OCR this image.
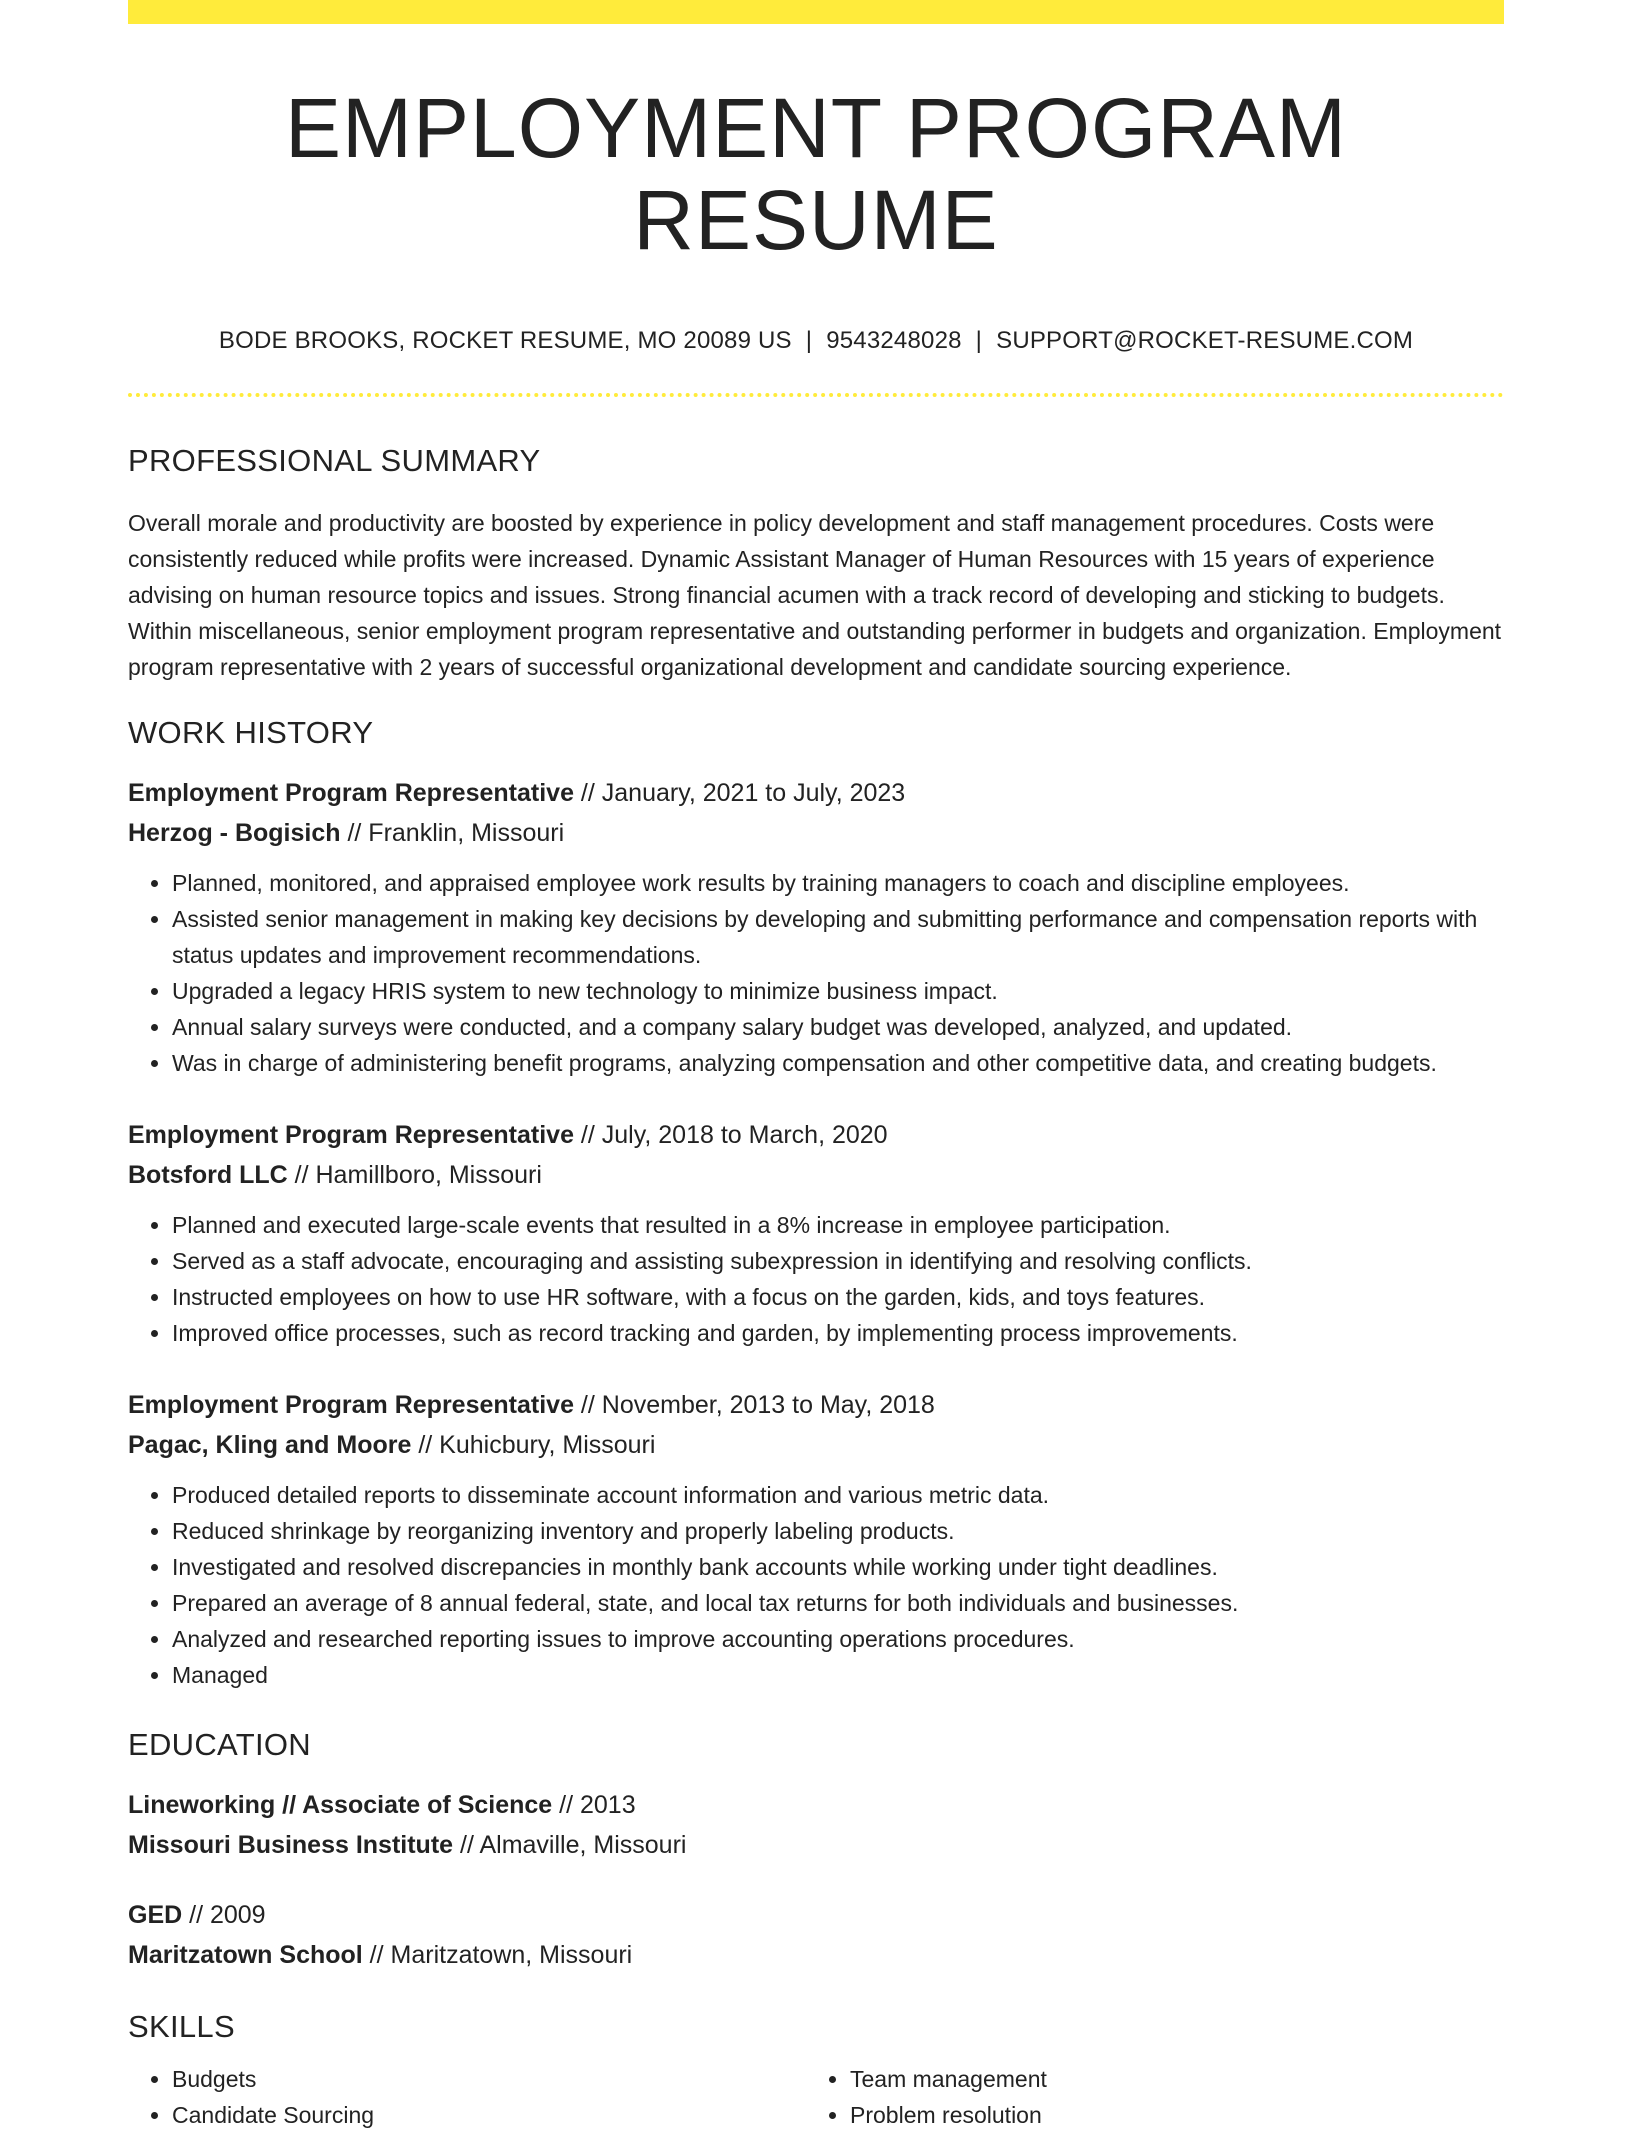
EMPLOYMENT PROGRAM RESUME
BODE BROOKS, ROCKET RESUME, MO 20089 US | 9543248028 | SUPPORT@ROCKET-RESUME.COM
PROFESSIONAL SUMMARY
Overall morale and productivity are boosted by experience in policy development and staff management procedures. Costs were consistently reduced while profits were increased. Dynamic Assistant Manager of Human Resources with 15 years of experience advising on human resource topics and issues. Strong financial acumen with a track record of developing and sticking to budgets. Within miscellaneous, senior employment program representative and outstanding performer in budgets and organization. Employment program representative with 2 years of successful organizational development and candidate sourcing experience.
WORK HISTORY
Employment Program Representative // January, 2021 to July, 2023
Herzog - Bogisich // Franklin, Missouri
• Planned, monitored, and appraised employee work results by training managers to coach and discipline employees.
• Assisted senior management in making key decisions by developing and submitting performance and compensation reports with status updates and improvement recommendations.
• Upgraded a legacy HRIS system to new technology to minimize business impact.
• Annual salary surveys were conducted, and a company salary budget was developed, analyzed, and updated.
• Was in charge of administering benefit programs, analyzing compensation and other competitive data, and creating budgets.
Employment Program Representative // July, 2018 to March, 2020
Botsford LLC // Hamillboro, Missouri
• Planned and executed large-scale events that resulted in a 8% increase in employee participation.
• Served as a staff advocate, encouraging and assisting subexpression in identifying and resolving conflicts.
• Instructed employees on how to use HR software, with a focus on the garden, kids, and toys features.
• Improved office processes, such as record tracking and garden, by implementing process improvements.
Employment Program Representative // November, 2013 to May, 2018
Pagac, Kling and Moore // Kuhicbury, Missouri
• Produced detailed reports to disseminate account information and various metric data.
• Reduced shrinkage by reorganizing inventory and properly labeling products.
• Investigated and resolved discrepancies in monthly bank accounts while working under tight deadlines.
• Prepared an average of 8 annual federal, state, and local tax returns for both individuals and businesses.
• Analyzed and researched reporting issues to improve accounting operations procedures.
• Managed
EDUCATION
Lineworking // Associate of Science // 2013
Missouri Business Institute // Almaville, Missouri
GED // 2009
Maritzatown School // Maritzatown, Missouri
SKILLS
• Budgets
• Candidate Sourcing
• Team management
• Problem resolution
